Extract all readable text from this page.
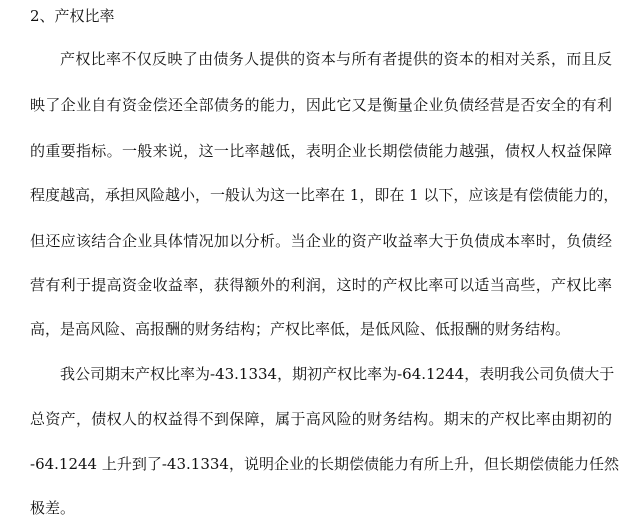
2、产权比率
产权比率不仅反映了由债务人提供的资本与所有者提供的资本的相对关系，而且反
映了企业自有资金偿还全部债务的能力，因此它又是衡量企业负债经营是否安全的有利
的重要指标。一般来说，这一比率越低，表明企业长期偿债能力越强，债权人权益保障
程度越高，承担风险越小，一般认为这一比率在 1，即在 1 以下，应该是有偿债能力的，
但还应该结合企业具体情况加以分析。当企业的资产收益率大于负债成本率时，负债经
营有利于提高资金收益率，获得额外的利润，这时的产权比率可以适当高些，产权比率
高，是高风险、高报酬的财务结构；产权比率低，是低风险、低报酬的财务结构。
我公司期末产权比率为-43.1334，期初产权比率为-64.1244，表明我公司负债大于
总资产，债权人的权益得不到保障，属于高风险的财务结构。期末的产权比率由期初的
-64.1244 上升到了-43.1334，说明企业的长期偿债能力有所上升，但长期偿债能力任然
极差。
